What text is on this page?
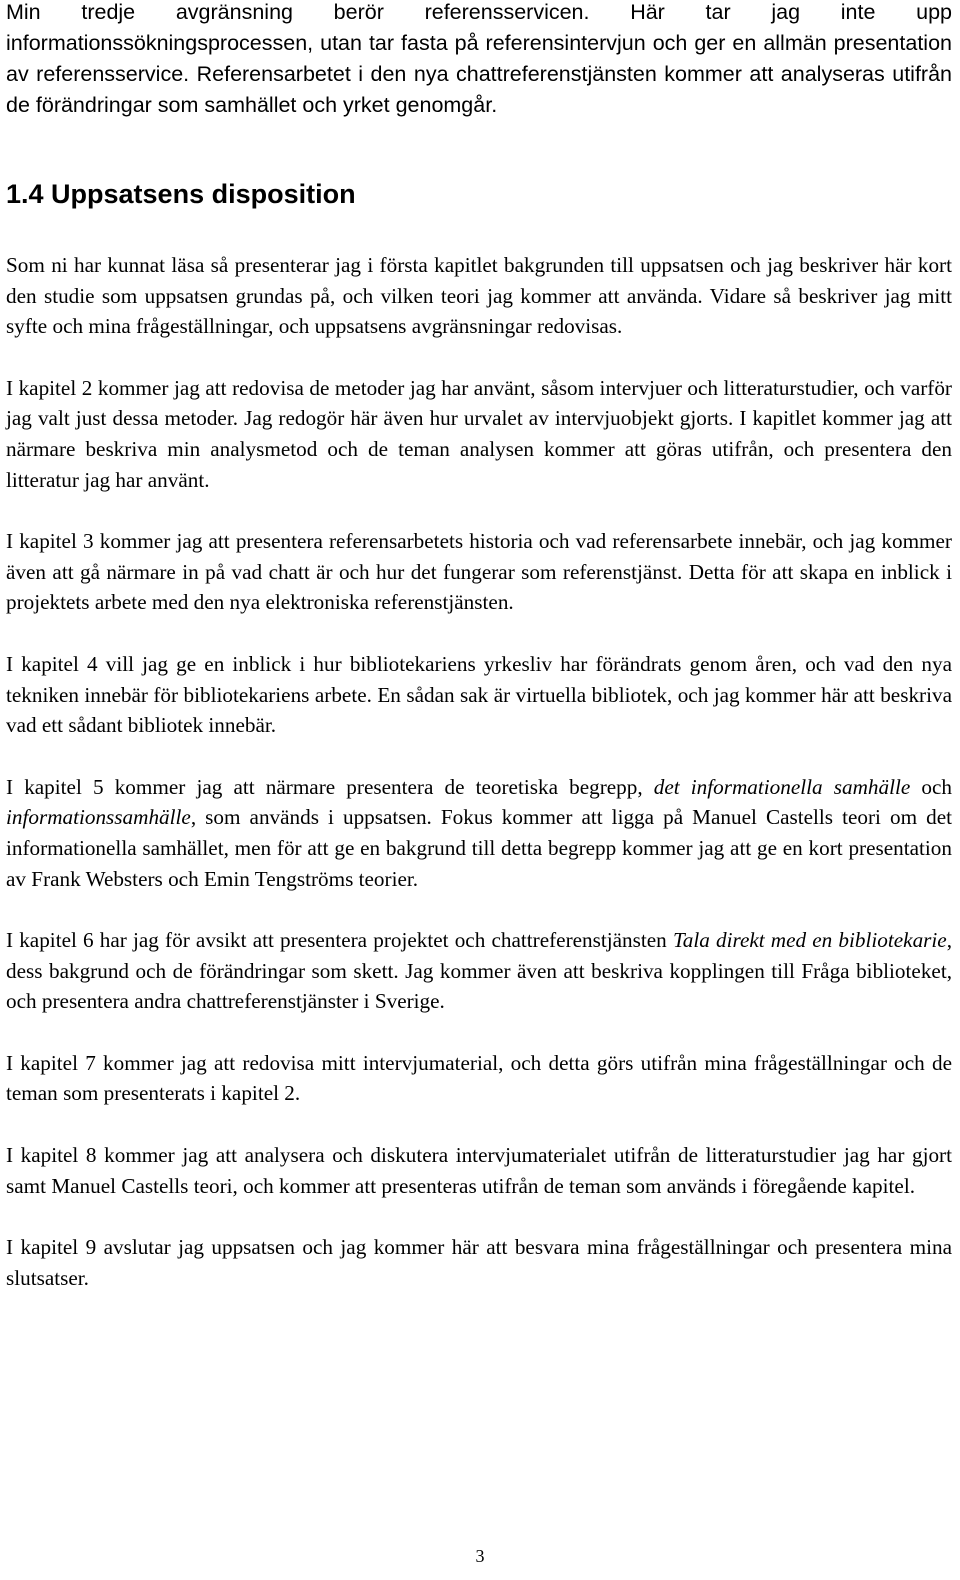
Min tredje avgränsning berör referensservicen. Här tar jag inte upp informationssökningsprocessen, utan tar fasta på referensintervjun och ger en allmän presentation av referensservice. Referensarbetet i den nya chattreferenstjänsten kommer att analyseras utifrån de förändringar som samhället och yrket genomgår.

1.4 Uppsatsens disposition

Som ni har kunnat läsa så presenterar jag i första kapitlet bakgrunden till uppsatsen och jag beskriver här kort den studie som uppsatsen grundas på, och vilken teori jag kommer att använda. Vidare så beskriver jag mitt syfte och mina frågeställningar, och uppsatsens avgränsningar redovisas.

I kapitel 2 kommer jag att redovisa de metoder jag har använt, såsom intervjuer och litteraturstudier, och varför jag valt just dessa metoder. Jag redogör här även hur urvalet av intervjuobjekt gjorts. I kapitlet kommer jag att närmare beskriva min analysmetod och de teman analysen kommer att göras utifrån, och presentera den litteratur jag har använt.

I kapitel 3 kommer jag att presentera referensarbetets historia och vad referensarbete innebär, och jag kommer även att gå närmare in på vad chatt är och hur det fungerar som referenstjänst. Detta för att skapa en inblick i projektets arbete med den nya elektroniska referenstjänsten.

I kapitel 4 vill jag ge en inblick i hur bibliotekariens yrkesliv har förändrats genom åren, och vad den nya tekniken innebär för bibliotekariens arbete. En sådan sak är virtuella bibliotek, och jag kommer här att beskriva vad ett sådant bibliotek innebär.

I kapitel 5 kommer jag att närmare presentera de teoretiska begrepp, det informationella samhälle och informationssamhälle, som används i uppsatsen. Fokus kommer att ligga på Manuel Castells teori om det informationella samhället, men för att ge en bakgrund till detta begrepp kommer jag att ge en kort presentation av Frank Websters och Emin Tengströms teorier.

I kapitel 6 har jag för avsikt att presentera projektet och chattreferenstjänsten Tala direkt med en bibliotekarie, dess bakgrund och de förändringar som skett. Jag kommer även att beskriva kopplingen till Fråga biblioteket, och presentera andra chattreferenstjänster i Sverige.

I kapitel 7 kommer jag att redovisa mitt intervjumaterial, och detta görs utifrån mina frågeställningar och de teman som presenterats i kapitel 2.

I kapitel 8 kommer jag att analysera och diskutera intervjumaterialet utifrån de litteraturstudier jag har gjort samt Manuel Castells teori, och kommer att presenteras utifrån de teman som används i föregående kapitel.

I kapitel 9 avslutar jag uppsatsen och jag kommer här att besvara mina frågeställningar och presentera mina slutsatser.

3
